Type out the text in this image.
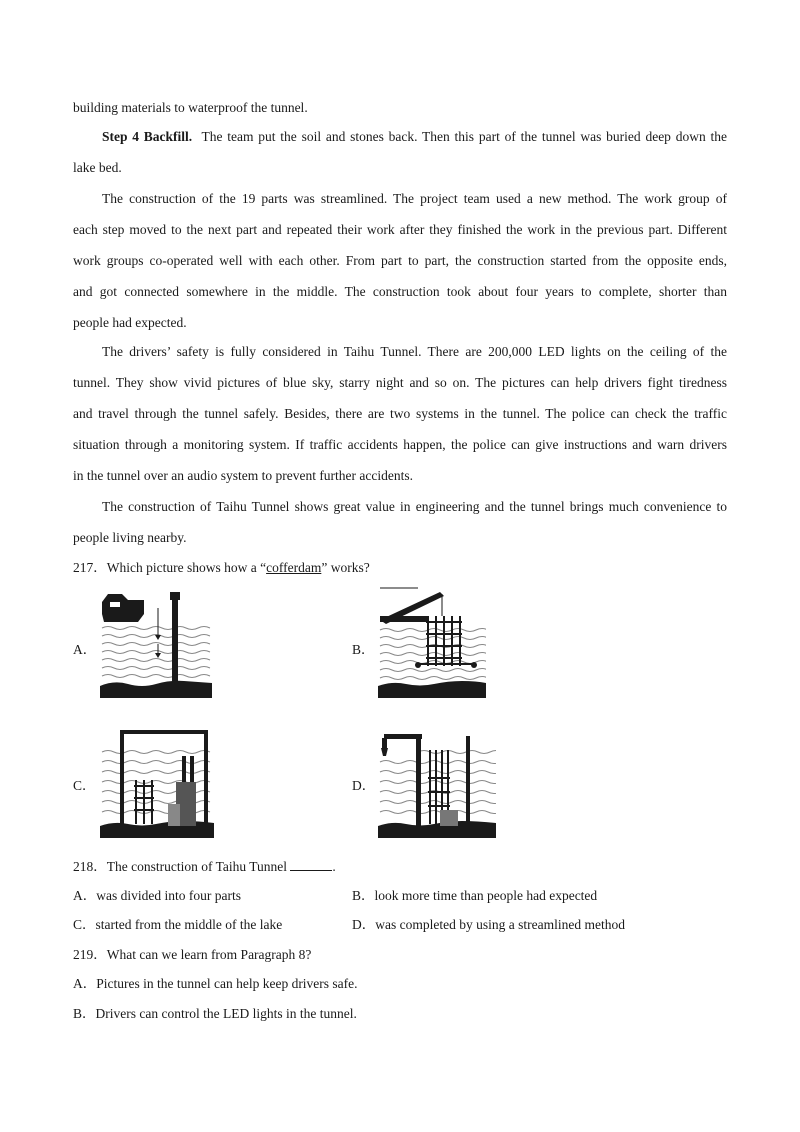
building materials to waterproof the tunnel.
Step 4 Backfill. The team put the soil and stones back. Then this part of the tunnel was buried deep down the
lake bed.
The construction of the 19 parts was streamlined. The project team used a new method. The work group of
each step moved to the next part and repeated their work after they finished the work in the previous part. Different
work groups co-operated well with each other. From part to part, the construction started from the opposite ends,
and got connected somewhere in the middle. The construction took about four years to complete, shorter than
people had expected.
The drivers’ safety is fully considered in Taihu Tunnel. There are 200,000 LED lights on the ceiling of the
tunnel. They show vivid pictures of blue sky, starry night and so on. The pictures can help drivers fight tiredness
and travel through the tunnel safely. Besides, there are two systems in the tunnel. The police can check the traffic
situation through a monitoring system. If traffic accidents happen, the police can give instructions and warn drivers
in the tunnel over an audio system to prevent further accidents.
The construction of Taihu Tunnel shows great value in engineering and the tunnel brings much convenience to
people living nearby.
217．Which picture shows how a “cofferdam” works?
A．	B．
C．	D．
218．The construction of Taihu Tunnel	.
A．was divided into four parts	B．look more time than people had expected
C．started from the middle of the lake	D．was completed by using a streamlined method
219．What can we learn from Paragraph 8?
A．Pictures in the tunnel can help keep drivers safe.
B．Drivers can control the LED lights in the tunnel.
